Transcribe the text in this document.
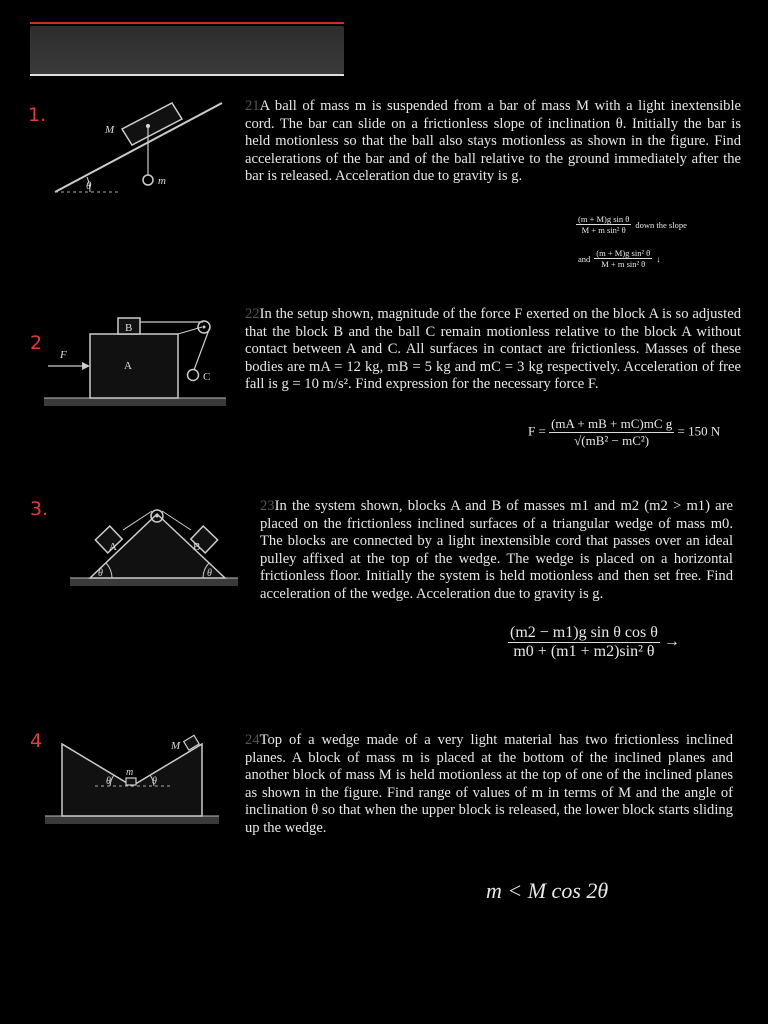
1.
M
m
θ
21A ball of mass m is suspended from a bar of mass M with a light inextensible cord. The bar can slide on a frictionless slope of inclination θ. Initially the bar is held motionless so that the ball also stays motionless as shown in the figure. Find accelerations of the bar and of the ball relative to the ground immediately after the bar is released. Acceleration due to gravity is g.
$\frac{\text{(m + M)g sin θ}}{\text{M + m sin² θ}}$ down the slope
and $\frac{\text{(m + M)g sin² θ}}{\text{M + m sin² θ}}$ ↓
2
F
A
B
C
22In the setup shown, magnitude of the force F exerted on the block A is so adjusted that the block B and the ball C remain motionless relative to the block A without contact between A and C. All surfaces in contact are frictionless. Masses of these bodies are mA = 12 kg, mB = 5 kg and mC = 3 kg respectively. Acceleration of free fall is g = 10 m/s². Find expression for the necessary force F.
$F = \frac{\text{(mA + mB + mC)mC g}}{\text{√(mB² − mC²)}} = 150$ N
3.
A	B
θ	θ
23In the system shown, blocks A and B of masses m1 and m2 (m2 > m1) are placed on the frictionless inclined surfaces of a triangular wedge of mass m0. The blocks are connected by a light inextensible cord that passes over an ideal pulley affixed at the top of the wedge. The wedge is placed on a horizontal frictionless floor. Initially the system is held motionless and then set free. Find acceleration of the wedge. Acceleration due to gravity is g.
$\frac{\text{(m2 − m1)g sin θ cos θ}}{\text{m0 + (m1 + m2)sin² θ}}$ →
4	M
m
θ	θ
24Top of a wedge made of a very light material has two frictionless inclined planes. A block of mass m is placed at the bottom of the inclined planes and another block of mass M is held motionless at the top of one of the inclined planes as shown in the figure. Find range of values of m in terms of M and the angle of inclination θ so that when the upper block is released, the lower block starts sliding up the wedge.
m < M cos 2θ
